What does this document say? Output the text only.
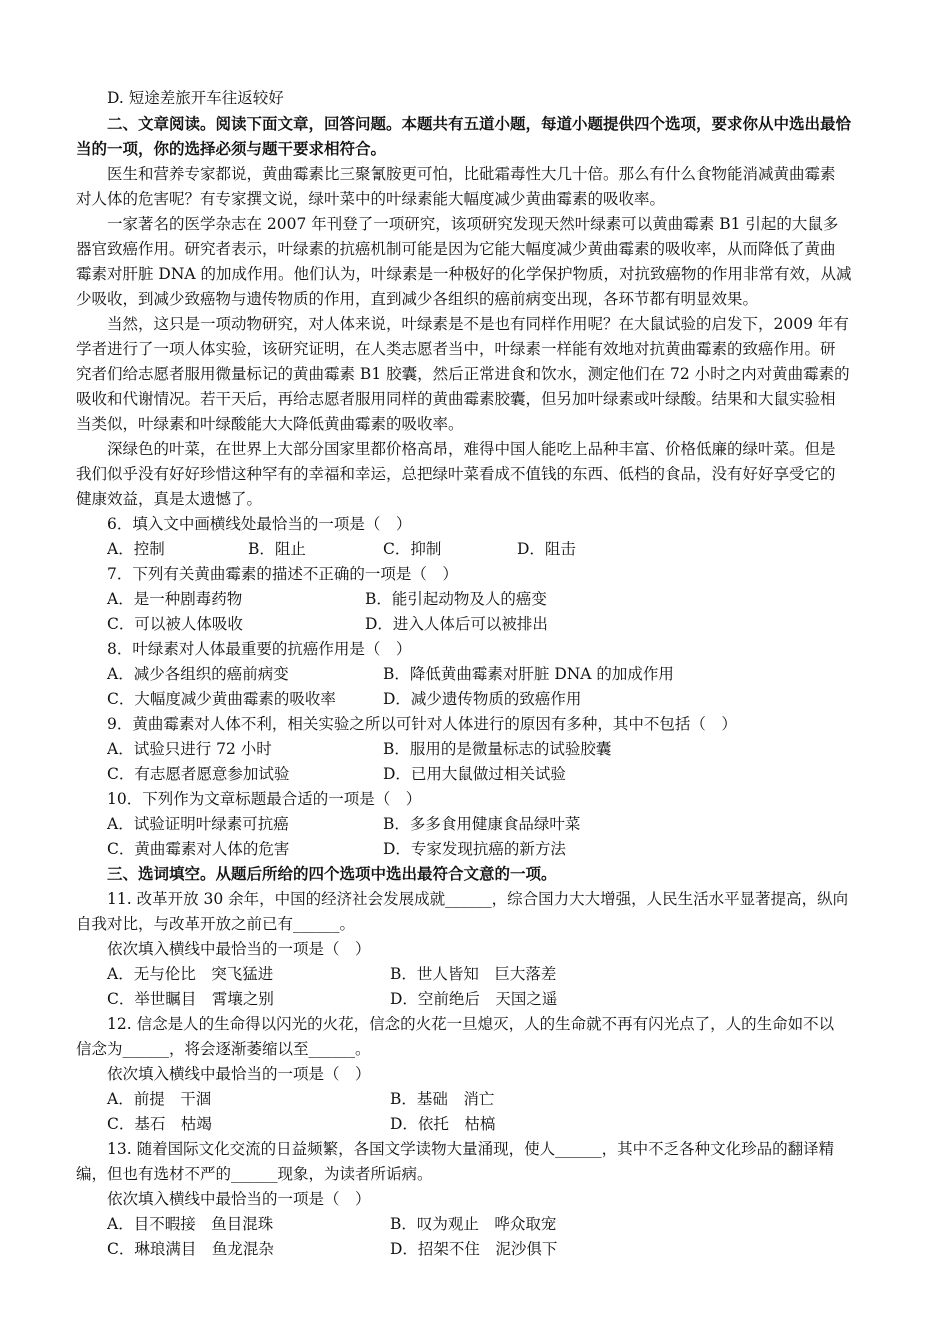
D. 短途差旅开车往返较好
二、文章阅读。阅读下面文章，回答问题。本题共有五道小题，每道小题提供四个选项，要求你从中选出最恰
当的一项，你的选择必须与题干要求相符合。
医生和营养专家都说，黄曲霉素比三聚氰胺更可怕，比砒霜毒性大几十倍。那么有什么食物能消减黄曲霉素
对人体的危害呢？有专家撰文说，绿叶菜中的叶绿素能大幅度减少黄曲霉素的吸收率。
一家著名的医学杂志在 2007 年刊登了一项研究，该项研究发现天然叶绿素可以黄曲霉素 B1 引起的大鼠多
器官致癌作用。研究者表示，叶绿素的抗癌机制可能是因为它能大幅度减少黄曲霉素的吸收率，从而降低了黄曲
霉素对肝脏 DNA 的加成作用。他们认为，叶绿素是一种极好的化学保护物质，对抗致癌物的作用非常有效，从减
少吸收，到减少致癌物与遗传物质的作用，直到减少各组织的癌前病变出现，各环节都有明显效果。
当然，这只是一项动物研究，对人体来说，叶绿素是不是也有同样作用呢？在大鼠试验的启发下，2009 年有
学者进行了一项人体实验，该研究证明，在人类志愿者当中，叶绿素一样能有效地对抗黄曲霉素的致癌作用。研
究者们给志愿者服用微量标记的黄曲霉素 B1 胶囊，然后正常进食和饮水，测定他们在 72 小时之内对黄曲霉素的
吸收和代谢情况。若干天后，再给志愿者服用同样的黄曲霉素胶囊，但另加叶绿素或叶绿酸。结果和大鼠实验相
当类似，叶绿素和叶绿酸能大大降低黄曲霉素的吸收率。
深绿色的叶菜，在世界上大部分国家里都价格高昂，难得中国人能吃上品种丰富、价格低廉的绿叶菜。但是
我们似乎没有好好珍惜这种罕有的幸福和幸运，总把绿叶菜看成不值钱的东西、低档的食品，没有好好享受它的
健康效益，真是太遗憾了。
6．填入文中画横线处最恰当的一项是（　）
A．控制	B．阻止	C．抑制	D．阻击
7．下列有关黄曲霉素的描述不正确的一项是（　）
A．是一种剧毒药物	B．能引起动物及人的癌变
C．可以被人体吸收	D．进入人体后可以被排出
8．叶绿素对人体最重要的抗癌作用是（　）
A．减少各组织的癌前病变	B．降低黄曲霉素对肝脏 DNA 的加成作用
C．大幅度减少黄曲霉素的吸收率	D．减少遗传物质的致癌作用
9．黄曲霉素对人体不利，相关实验之所以可针对人体进行的原因有多种，其中不包括（　）
A．试验只进行 72 小时	B．服用的是微量标志的试验胶囊
C．有志愿者愿意参加试验	D．已用大鼠做过相关试验
10．下列作为文章标题最合适的一项是（　）
A．试验证明叶绿素可抗癌	B．多多食用健康食品绿叶菜
C．黄曲霉素对人体的危害	D．专家发现抗癌的新方法
三、选词填空。从题后所给的四个选项中选出最符合文意的一项。
11. 改革开放 30 余年，中国的经济社会发展成就______，综合国力大大增强，人民生活水平显著提高，纵向
自我对比，与改革开放之前已有______。
依次填入横线中最恰当的一项是（　）
A．无与伦比　突飞猛进	B．世人皆知　巨大落差
C．举世瞩目　霄壤之别	D．空前绝后　天国之遥
12. 信念是人的生命得以闪光的火花，信念的火花一旦熄灭，人的生命就不再有闪光点了，人的生命如不以
信念为______，将会逐渐萎缩以至______。
依次填入横线中最恰当的一项是（　）
A．前提　干涸	B．基础　消亡
C．基石　枯竭	D．依托　枯槁
13. 随着国际文化交流的日益频繁，各国文学读物大量涌现，使人______，其中不乏各种文化珍品的翻译精
编，但也有选材不严的______现象，为读者所诟病。
依次填入横线中最恰当的一项是（　）
A．目不暇接　鱼目混珠	B．叹为观止　哗众取宠
C．琳琅满目　鱼龙混杂	D．招架不住　泥沙俱下
